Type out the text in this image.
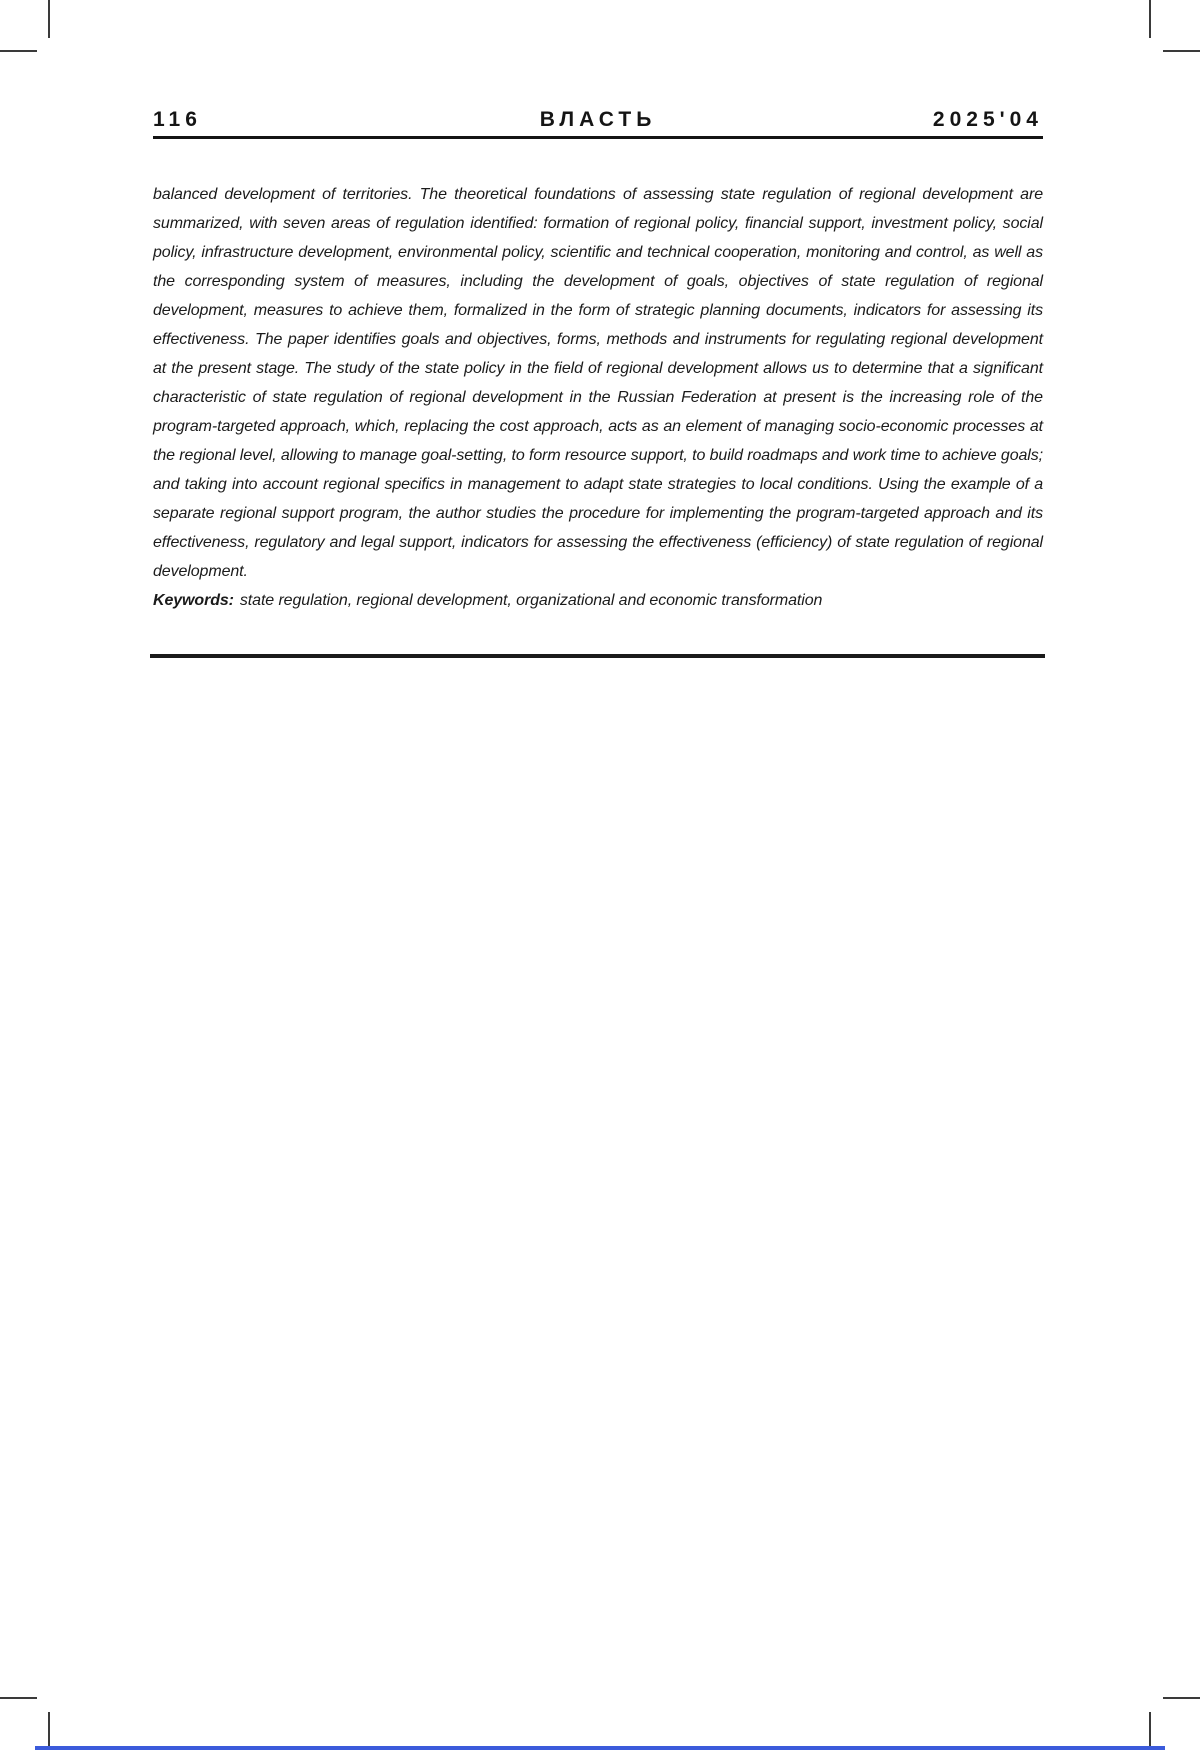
116	ВЛАСТЬ	2025'04
balanced development of territories. The theoretical foundations of assessing state regulation of regional development are summarized, with seven areas of regulation identified: formation of regional policy, financial support, investment policy, social policy, infrastructure development, environmental policy, scientific and technical cooperation, monitoring and control, as well as the corresponding system of measures, including the development of goals, objectives of state regulation of regional development, measures to achieve them, formalized in the form of strategic planning documents, indicators for assessing its effectiveness. The paper identifies goals and objectives, forms, methods and instruments for regulating regional development at the present stage. The study of the state policy in the field of regional development allows us to determine that a significant characteristic of state regulation of regional development in the Russian Federation at present is the increasing role of the program-targeted approach, which, replacing the cost approach, acts as an element of managing socio-economic processes at the regional level, allowing to manage goal-setting, to form resource support, to build roadmaps and work time to achieve goals; and taking into account regional specifics in management to adapt state strategies to local conditions. Using the example of a separate regional support program, the author studies the procedure for implementing the program-targeted approach and its effectiveness, regulatory and legal support, indicators for assessing the effectiveness (efficiency) of state regulation of regional development.
Keywords: state regulation, regional development, organizational and economic transformation
